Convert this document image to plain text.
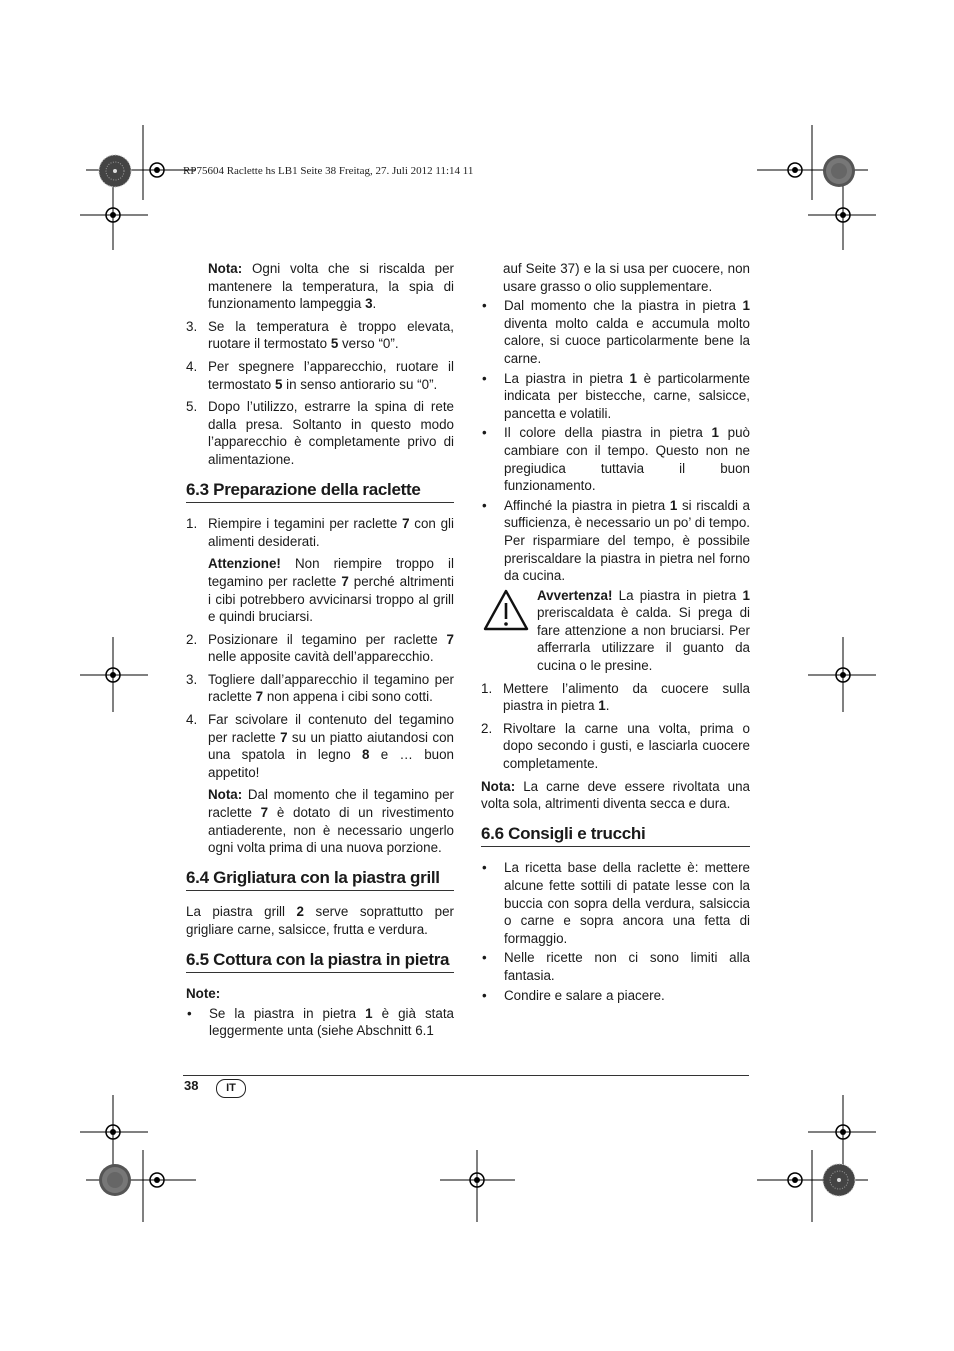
RP75604 Raclette hs LB1 Seite 38 Freitag, 27. Juli 2012 11:14 11

Nota: Ogni volta che si riscalda per mantenere la temperatura, la spia di funzionamento lampeggia 3.

3. Se la temperatura è troppo elevata, ruotare il termostato 5 verso “0”.

4. Per spegnere l’apparecchio, ruotare il termostato 5 in senso antiorario su “0”.

5. Dopo l’utilizzo, estrarre la spina di rete dalla presa. Soltanto in questo modo l’apparecchio è completamente privo di alimentazione.

6.3 Preparazione della raclette

1. Riempire i tegamini per raclette 7 con gli alimenti desiderati.

Attenzione! Non riempire troppo il tegamino per raclette 7 perché altrimenti i cibi potrebbero avvicinarsi troppo al grill e quindi bruciarsi.

2. Posizionare il tegamino per raclette 7 nelle apposite cavità dell’apparecchio.

3. Togliere dall’apparecchio il tegamino per raclette 7 non appena i cibi sono cotti.

4. Far scivolare il contenuto del tegamino per raclette 7 su un piatto aiutandosi con una spatola in legno 8 e … buon appetito!

Nota: Dal momento che il tegamino per raclette 7 è dotato di un rivestimento antiaderente, non è necessario ungerlo ogni volta prima di una nuova porzione.

6.4 Grigliatura con la piastra grill

La piastra grill 2 serve soprattutto per grigliare carne, salsicce, frutta e verdura.

6.5 Cottura con la piastra in pietra

Note:

• Se la piastra in pietra 1 è già stata leggermente unta (siehe Abschnitt 6.1

auf Seite 37) e la si usa per cuocere, non usare grasso o olio supplementare.

• Dal momento che la piastra in pietra 1 diventa molto calda e accumula molto calore, si cuoce particolarmente bene la carne.

• La piastra in pietra 1 è particolarmente indicata per bistecche, carne, salsicce, pancetta e volatili.

• Il colore della piastra in pietra 1 può cambiare con il tempo. Questo non ne pregiudica tuttavia il buon funzionamento.

• Affinché la piastra in pietra 1 si riscaldi a sufficienza, è necessario un po’ di tempo. Per risparmiare del tempo, è possibile preriscaldare la piastra in pietra nel forno da cucina.

Avvertenza! La piastra in pietra 1 preriscaldata è calda. Si prega di fare attenzione a non bruciarsi. Per afferrarla utilizzare il guanto da cucina o le presine.

1. Mettere l’alimento da cuocere sulla piastra in pietra 1.

2. Rivoltare la carne una volta, prima o dopo secondo i gusti, e lasciarla cuocere completamente.

Nota: La carne deve essere rivoltata una volta sola, altrimenti diventa secca e dura.

6.6 Consigli e trucchi

• La ricetta base della raclette è: mettere alcune fette sottili di patate lesse con la buccia con sopra della verdura, salsiccia o carne e sopra ancora una fetta di formaggio.

• Nelle ricette non ci sono limiti alla fantasia.

• Condire e salare a piacere.

38	IT
